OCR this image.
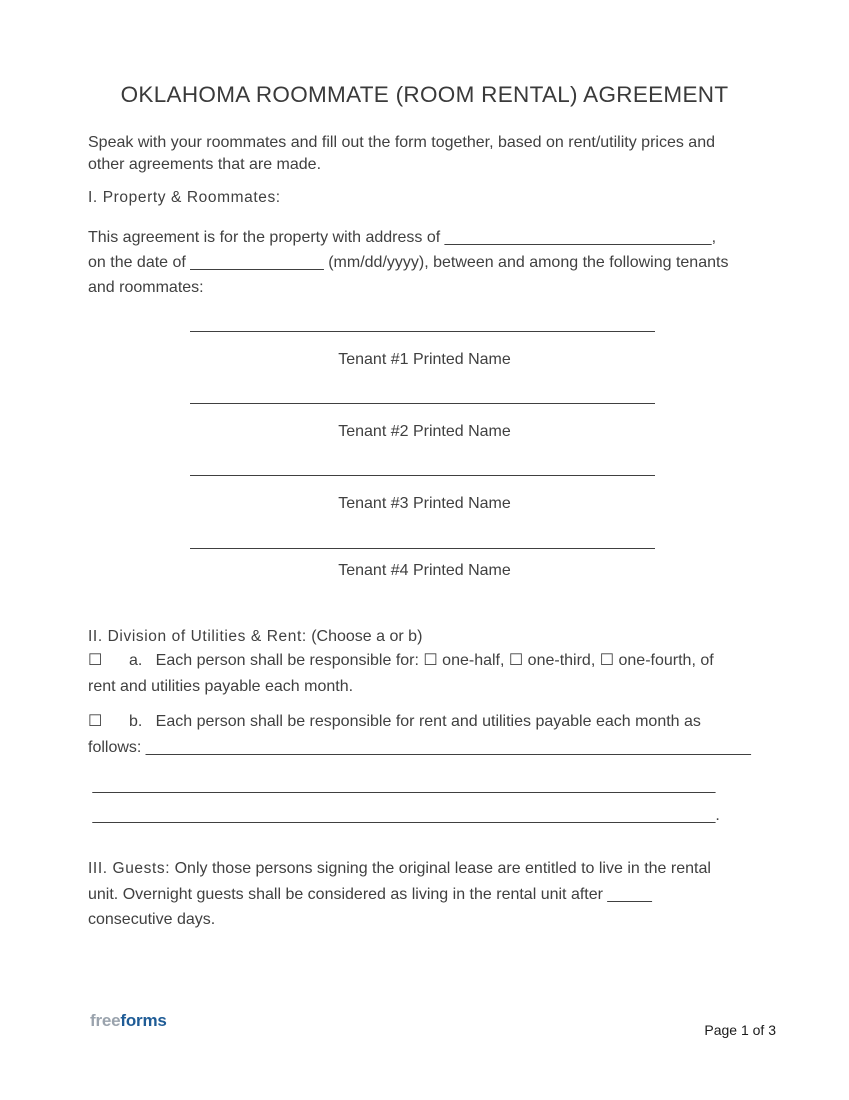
OKLAHOMA ROOMMATE (ROOM RENTAL) AGREEMENT
Speak with your roommates and fill out the form together, based on rent/utility prices and
other agreements that are made.
I. Property & Roommates:
This agreement is for the property with address of ______________________________,
on the date of _______________ (mm/dd/yyyy), between and among the following tenants
and roommates:
Tenant #1 Printed Name
Tenant #2 Printed Name
Tenant #3 Printed Name
Tenant #4 Printed Name
II. Division of Utilities & Rent: (Choose a or b)
☐ a.   Each person shall be responsible for: ☐ one-half, ☐ one-third, ☐ one-fourth, of
rent and utilities payable each month.
☐ b.   Each person shall be responsible for rent and utilities payable each month as
follows: ____________________________________________________________________
______________________________________________________________________
______________________________________________________________________.
III. Guests: Only those persons signing the original lease are entitled to live in the rental
unit. Overnight guests shall be considered as living in the rental unit after _____
consecutive days.
freeforms	Page 1 of 3
